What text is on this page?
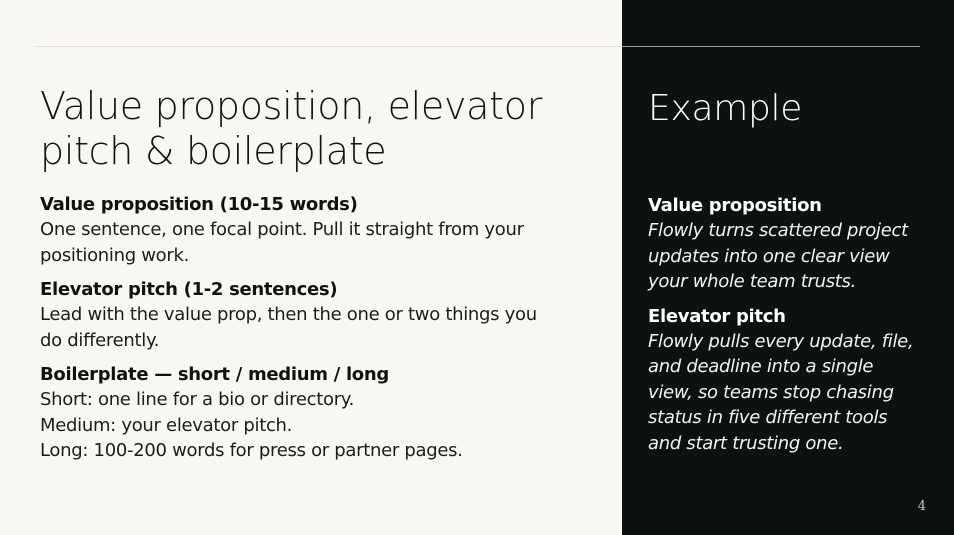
Value proposition, elevator
pitch & boilerplate

Value proposition (10-15 words)

One sentence, one focal point. Pull it straight from your

positioning work.

Elevator pitch (1-2 sentences)

Lead with the value prop, then the one or two things you

do differently.

Boilerplate — short / medium / long

Short: one line for a bio or directory.

Medium: your elevator pitch.

Long: 100-200 words for press or partner pages.

Example

Value proposition

Flowly turns scattered project

updates into one clear view

your whole team trusts.

Elevator pitch

Flowly pulls every update, file,

and deadline into a single

view, so teams stop chasing

status in five different tools

and start trusting one.

4
